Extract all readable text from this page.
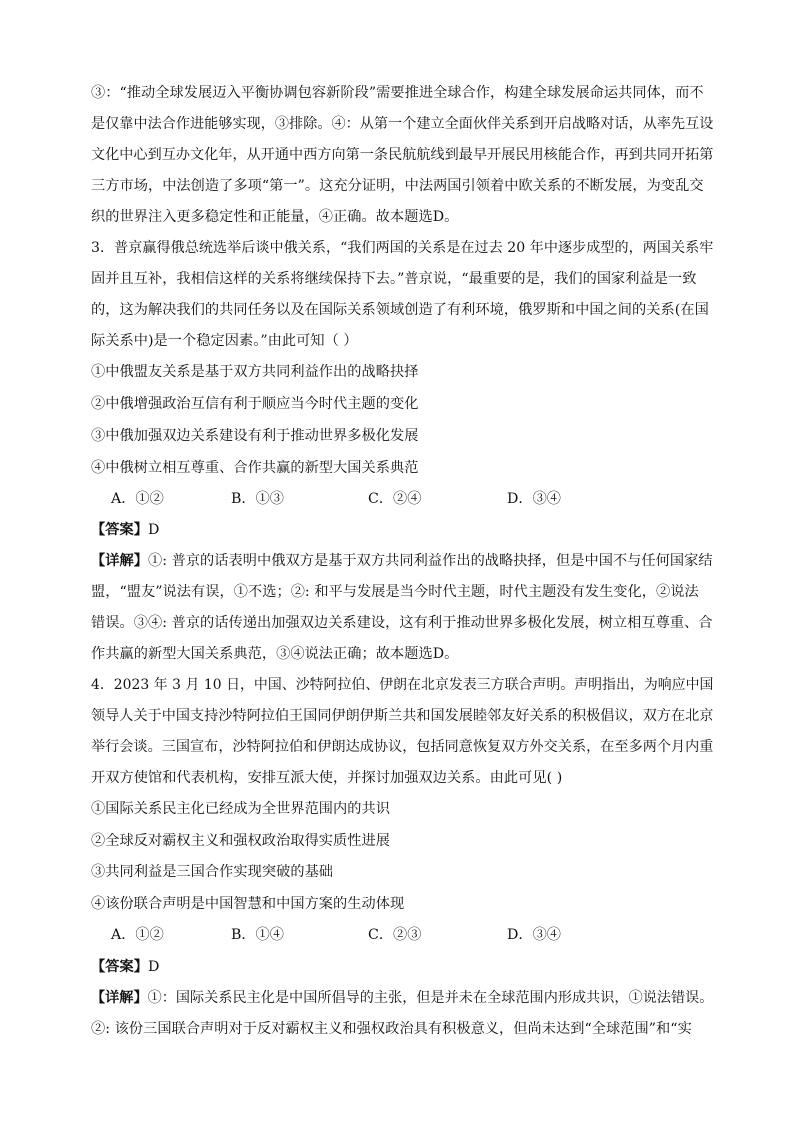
③：“推动全球发展迈入平衡协调包容新阶段”需要推进全球合作，构建全球发展命运共同体，而不
是仅靠中法合作进能够实现，③排除。④：从第一个建立全面伙伴关系到开启战略对话，从率先互设
文化中心到互办文化年，从开通中西方向第一条民航航线到最早开展民用核能合作，再到共同开拓第
三方市场，中法创造了多项“第一”。这充分证明，中法两国引领着中欧关系的不断发展，为变乱交
织的世界注入更多稳定性和正能量，④正确。故本题选D。
3．普京赢得俄总统选举后谈中俄关系，“我们两国的关系是在过去 20 年中逐步成型的，两国关系牢
固并且互补，我相信这样的关系将继续保持下去。”普京说，“最重要的是，我们的国家利益是一致
的，这为解决我们的共同任务以及在国际关系领域创造了有利环境，俄罗斯和中国之间的关系(在国
际关系中)是一个稳定因素。”由此可知（ ）
①中俄盟友关系是基于双方共同利益作出的战略抉择
②中俄增强政治互信有利于顺应当今时代主题的变化
③中俄加强双边关系建设有利于推动世界多极化发展
④中俄树立相互尊重、合作共赢的新型大国关系典范
A．①②	B．①③	C．②④	D．③④
【答案】D
【详解】①: 普京的话表明中俄双方是基于双方共同利益作出的战略抉择，但是中国不与任何国家结
盟，“盟友”说法有误，①不选；②: 和平与发展是当今时代主题，时代主题没有发生变化，②说法
错误。③④: 普京的话传递出加强双边关系建设，这有利于推动世界多极化发展，树立相互尊重、合
作共赢的新型大国关系典范，③④说法正确；故本题选D。
4．2023 年 3 月 10 日，中国、沙特阿拉伯、伊朗在北京发表三方联合声明。声明指出，为响应中国
领导人关于中国支持沙特阿拉伯王国同伊朗伊斯兰共和国发展睦邻友好关系的积极倡议，双方在北京
举行会谈。三国宣布，沙特阿拉伯和伊朗达成协议，包括同意恢复双方外交关系，在至多两个月内重
开双方使馆和代表机构，安排互派大使，并探讨加强双边关系。由此可见( )
①国际关系民主化已经成为全世界范围内的共识
②全球反对霸权主义和强权政治取得实质性进展
③共同利益是三国合作实现突破的基础
④该份联合声明是中国智慧和中国方案的生动体现
A．①②	B．①④	C．②③	D．③④
【答案】D
【详解】①：国际关系民主化是中国所倡导的主张，但是并未在全球范围内形成共识，①说法错误。
②: 该份三国联合声明对于反对霸权主义和强权政治具有积极意义，但尚未达到“全球范围”和“实
